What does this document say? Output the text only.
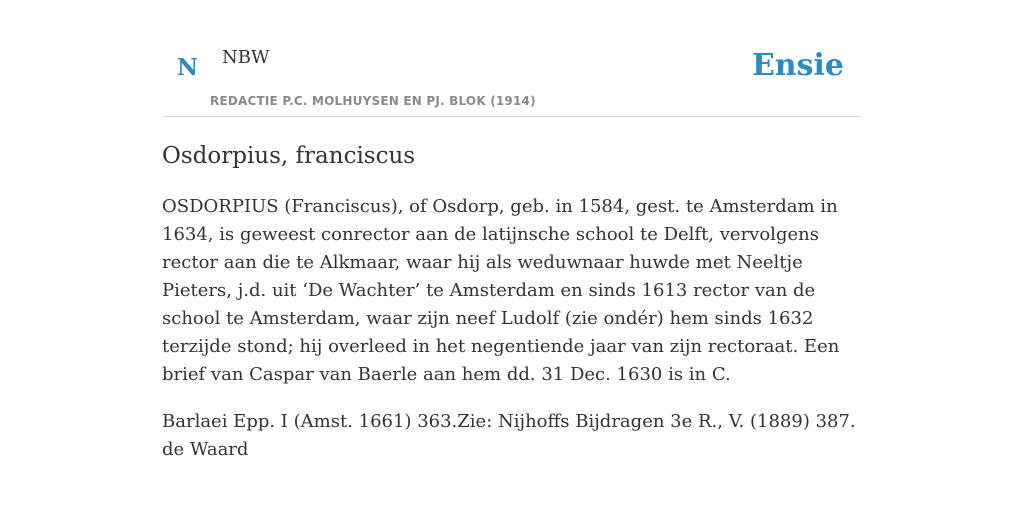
N NBW
REDACTIE P.C. MOLHUYSEN EN PJ. BLOK (1914)
Ensie
Osdorpius, franciscus

OSDORPIUS (Franciscus), of Osdorp, geb. in 1584, gest. te Amsterdam in 1634, is geweest conrector aan de latijnsche school te Delft, vervolgens rector aan die te Alkmaar, waar hij als weduwnaar huwde met Neeltje Pieters, j.d. uit ‘De Wachter’ te Amsterdam en sinds 1613 rector van de school te Amsterdam, waar zijn neef Ludolf (zie ondér) hem sinds 1632 terzijde stond; hij overleed in het negentiende jaar van zijn rectoraat. Een brief van Caspar van Baerle aan hem dd. 31 Dec. 1630 is in C.

Barlaei Epp. I (Amst. 1661) 363.Zie: Nijhoffs Bijdragen 3e R., V. (1889) 387. de Waard
